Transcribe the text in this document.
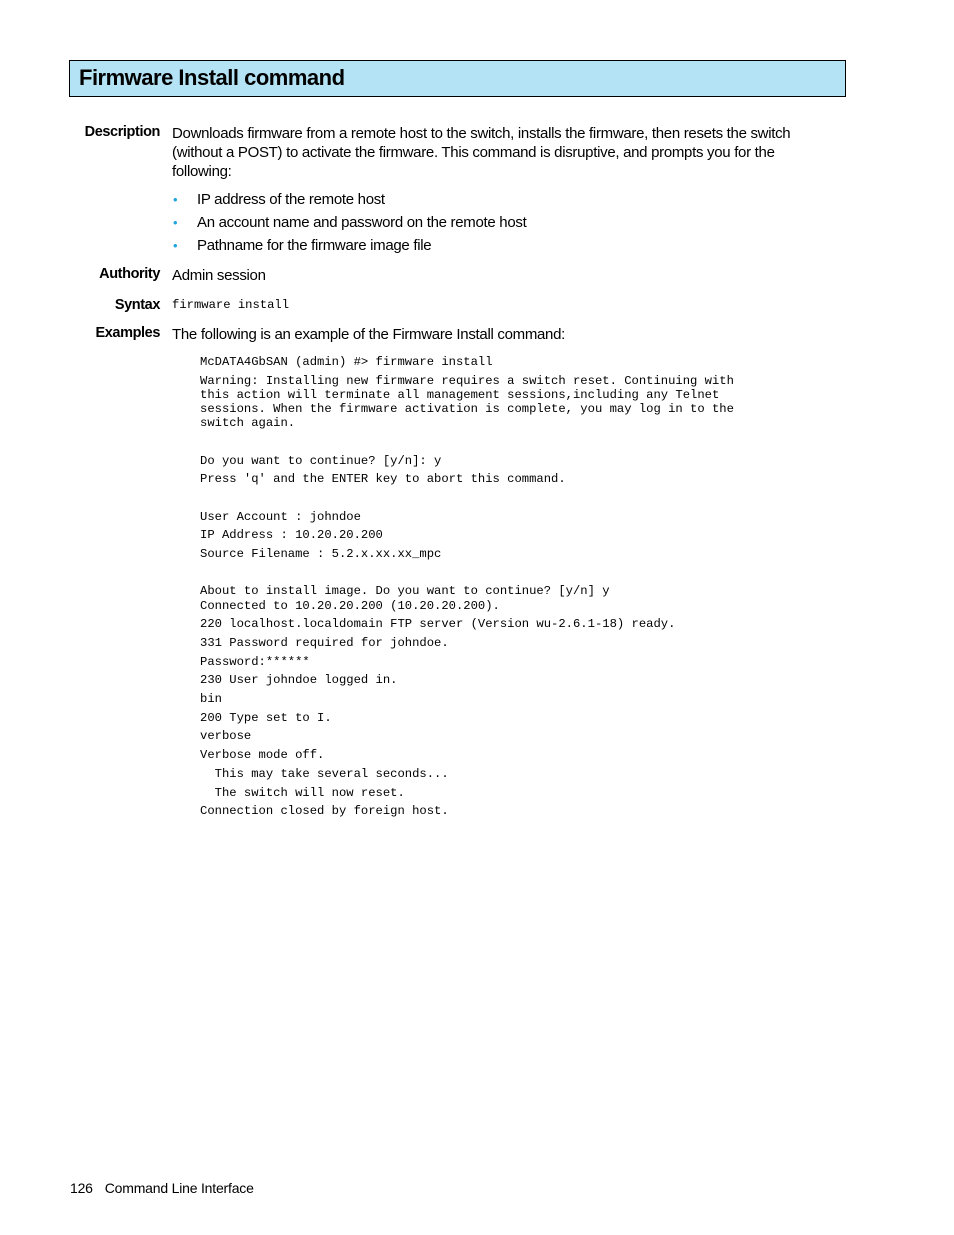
Firmware Install command
Description Downloads firmware from a remote host to the switch, installs the firmware, then resets the switch (without a POST) to activate the firmware. This command is disruptive, and prompts you for the following:
• IP address of the remote host
• An account name and password on the remote host
• Pathname for the firmware image file
Authority Admin session
Syntax firmware install
Examples The following is an example of the Firmware Install command:
McDATA4GbSAN (admin) #> firmware install
Warning: Installing new firmware requires a switch reset. Continuing with
this action will terminate all management sessions,including any Telnet
sessions. When the firmware activation is complete, you may log in to the
switch again.
Do you want to continue? [y/n]: y
Press 'q' and the ENTER key to abort this command.
User Account : johndoe
IP Address : 10.20.20.200
Source Filename : 5.2.x.xx.xx_mpc
About to install image. Do you want to continue? [y/n] y
Connected to 10.20.20.200 (10.20.20.200).
220 localhost.localdomain FTP server (Version wu-2.6.1-18) ready.
331 Password required for johndoe.
Password:******
230 User johndoe logged in.
bin
200 Type set to I.
verbose
Verbose mode off.
This may take several seconds...
The switch will now reset.
Connection closed by foreign host.
126 Command Line Interface
